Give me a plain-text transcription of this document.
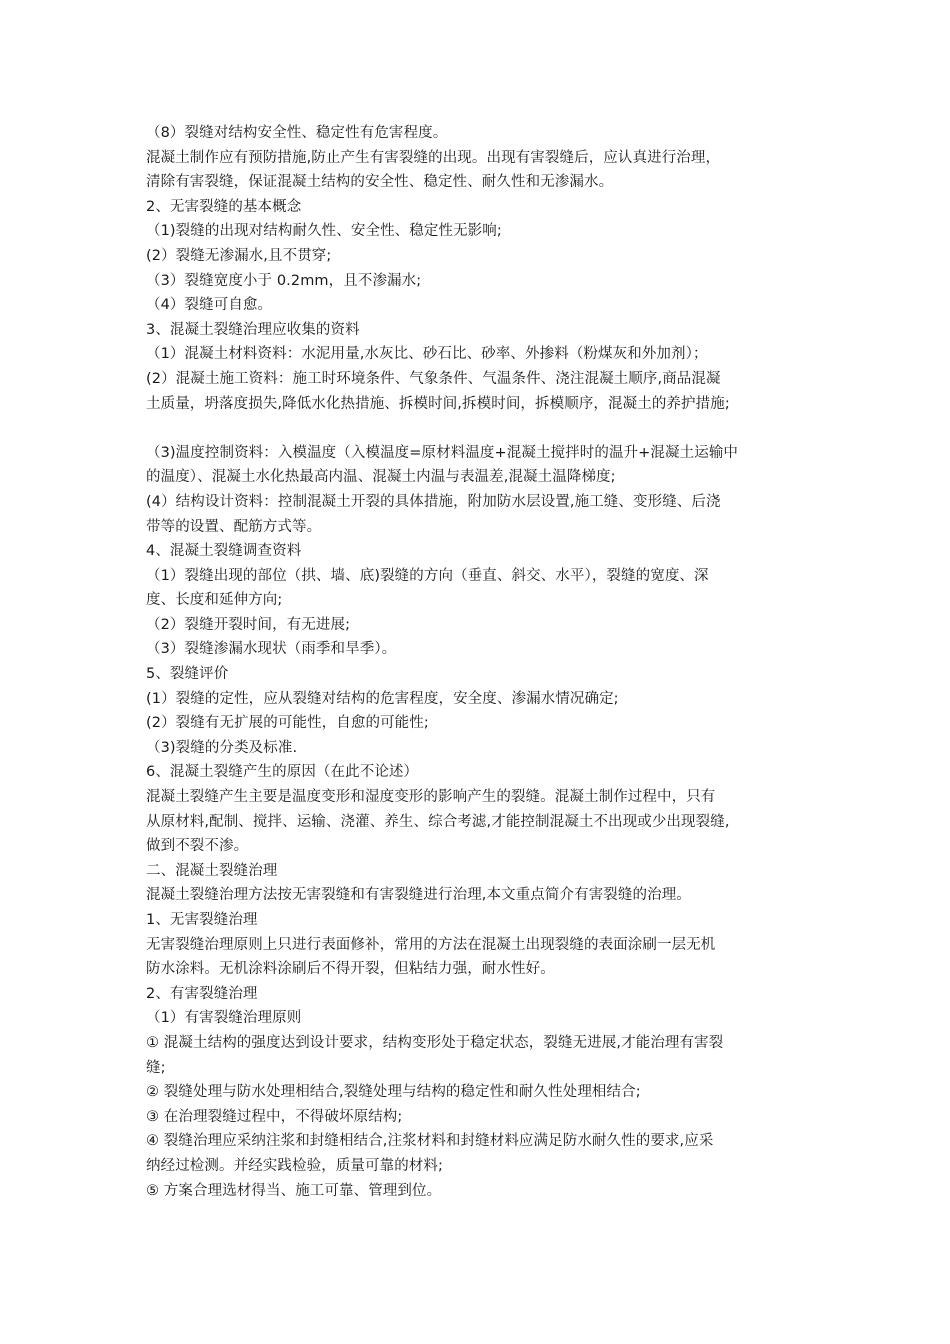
（8）裂缝对结构安全性、稳定性有危害程度。

混凝土制作应有预防措施,防止产生有害裂缝的出现。出现有害裂缝后，应认真进行治理，

清除有害裂缝，保证混凝土结构的安全性、稳定性、耐久性和无渗漏水。

2、无害裂缝的基本概念

（1)裂缝的出现对结构耐久性、安全性、稳定性无影响;

(2）裂缝无渗漏水,且不贯穿;

（3）裂缝宽度小于 0.2mm，且不渗漏水;

（4）裂缝可自愈。

3、混凝土裂缝治理应收集的资料

（1）混凝土材料资料：水泥用量,水灰比、砂石比、砂率、外掺料（粉煤灰和外加剂）；

(2）混凝土施工资料：施工时环境条件、气象条件、气温条件、浇注混凝土顺序,商品混凝

土质量，坍落度损失,降低水化热措施、拆模时间,拆模时间，拆模顺序，混凝土的养护措施;

（3)温度控制资料：入模温度（入模温度=原材料温度+混凝土搅拌时的温升+混凝土运输中

的温度）、混凝土水化热最高内温、混凝土内温与表温差,混凝土温降梯度;

(4）结构设计资料：控制混凝土开裂的具体措施，附加防水层设置,施工缝、变形缝、后浇

带等的设置、配筋方式等。

4、混凝土裂缝调查资料

（1）裂缝出现的部位（拱、墙、底)裂缝的方向（垂直、斜交、水平），裂缝的宽度、深

度、长度和延伸方向;

（2）裂缝开裂时间，有无进展;

（3）裂缝渗漏水现状（雨季和旱季）。

5、裂缝评价

(1）裂缝的定性，应从裂缝对结构的危害程度，安全度、渗漏水情况确定;

(2）裂缝有无扩展的可能性，自愈的可能性;

（3)裂缝的分类及标准.

6、混凝土裂缝产生的原因（在此不论述）

混凝土裂缝产生主要是温度变形和湿度变形的影响产生的裂缝。混凝土制作过程中，只有

从原材料,配制、搅拌、运输、浇灌、养生、综合考滤,才能控制混凝土不出现或少出现裂缝,

做到不裂不渗。

二、混凝土裂缝治理

混凝土裂缝治理方法按无害裂缝和有害裂缝进行治理,本文重点简介有害裂缝的治理。

1、无害裂缝治理

无害裂缝治理原则上只进行表面修补，常用的方法在混凝土出现裂缝的表面涂刷一层无机

防水涂料。无机涂料涂刷后不得开裂，但粘结力强，耐水性好。

2、有害裂缝治理

（1）有害裂缝治理原则

① 混凝土结构的强度达到设计要求，结构变形处于稳定状态，裂缝无进展,才能治理有害裂

缝;

② 裂缝处理与防水处理相结合,裂缝处理与结构的稳定性和耐久性处理相结合;

③ 在治理裂缝过程中，不得破坏原结构;

④ 裂缝治理应采纳注浆和封缝相结合,注浆材料和封缝材料应满足防水耐久性的要求,应采

纳经过检测。并经实践检验，质量可靠的材料;

⑤ 方案合理选材得当、施工可靠、管理到位。
